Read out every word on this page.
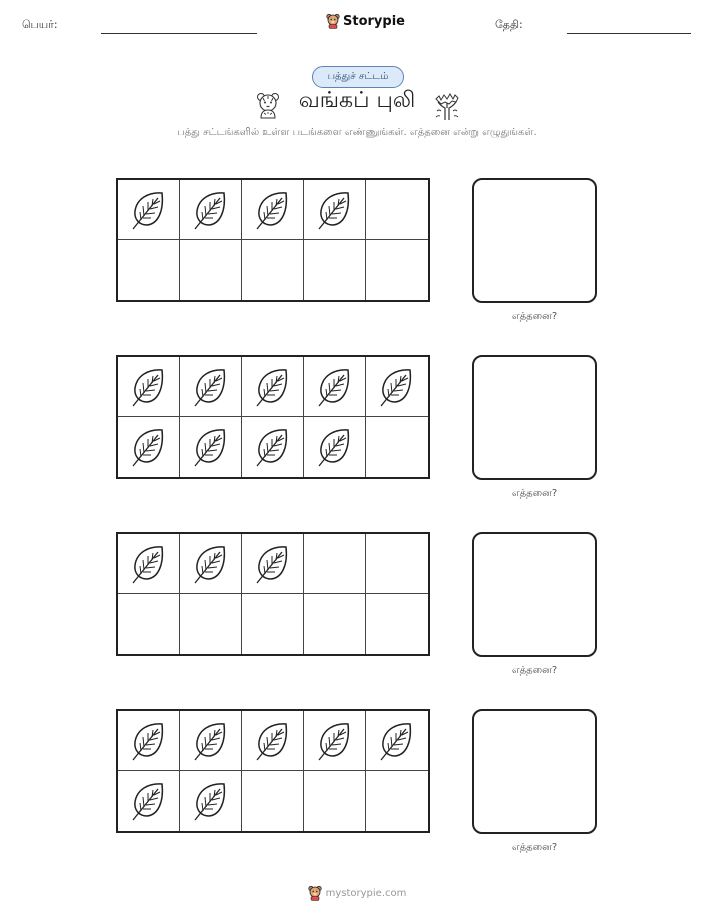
பெயர்:	Storypie	தேதி:
பத்துச் சட்டம்
வங்கப் புலி
பத்து சட்டங்களில் உள்ள படங்களை எண்ணுங்கள். எத்தனை என்று எழுதுங்கள்.
எத்தனை?
எத்தனை?
எத்தனை?
எத்தனை?
mystorypie.com
